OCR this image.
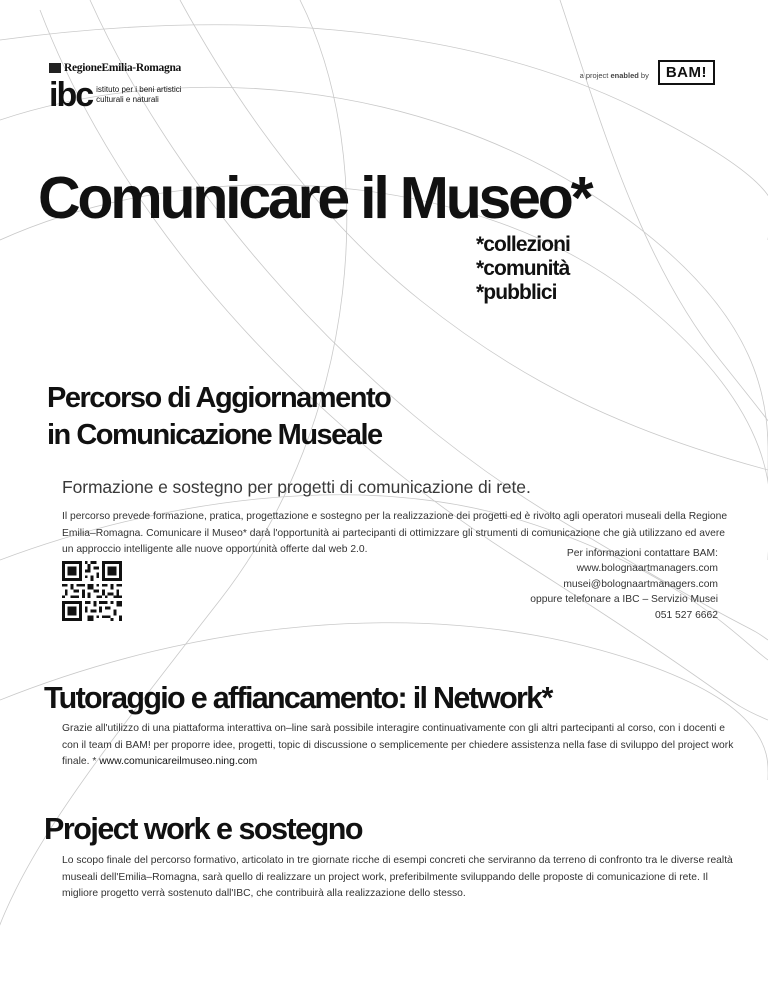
RegioneEmilia-Romagna
ibc istituto per i beni artistici
culturali e naturali
a project enabled by	BAM!
Comunicare il Museo*
*collezioni
*comunità
*pubblici
Percorso di Aggiornamento
in Comunicazione Museale
Formazione e sostegno per progetti di comunicazione di rete.

Il percorso prevede formazione, pratica, progettazione e sostegno per la realizzazione dei progetti ed è rivolto agli operatori museali della Regione Emilia–Romagna. Comunicare il Museo* darà l'opportunità ai partecipanti di ottimizzare gli strumenti di comunicazione che già utilizzano ed avere un approccio intelligente alle nuove opportunità offerte dal web 2.0.	Per informazioni contattare BAM:
www.bolognaartmanagers.com
musei@bolognaartmanagers.com
oppure telefonare a IBC – Servizio Musei
051 527 6662
Tutoraggio e affiancamento: il Network*

Grazie all'utilizzo di una piattaforma interattiva on–line sarà possibile interagire continuativamente con gli altri partecipanti al corso, con i docenti e con il team di BAM! per proporre idee, progetti, topic di discussione o semplicemente per chiedere assistenza nella fase di sviluppo del project work finale. * www.comunicareilmuseo.ning.com

Project work e sostegno

Lo scopo finale del percorso formativo, articolato in tre giornate ricche di esempi concreti che serviranno da terreno di confronto tra le diverse realtà museali dell'Emilia–Romagna, sarà quello di realizzare un project work, preferibilmente sviluppando delle proposte di comunicazione di rete. Il migliore progetto verrà sostenuto dall'IBC, che contribuirà alla realizzazione dello stesso.
